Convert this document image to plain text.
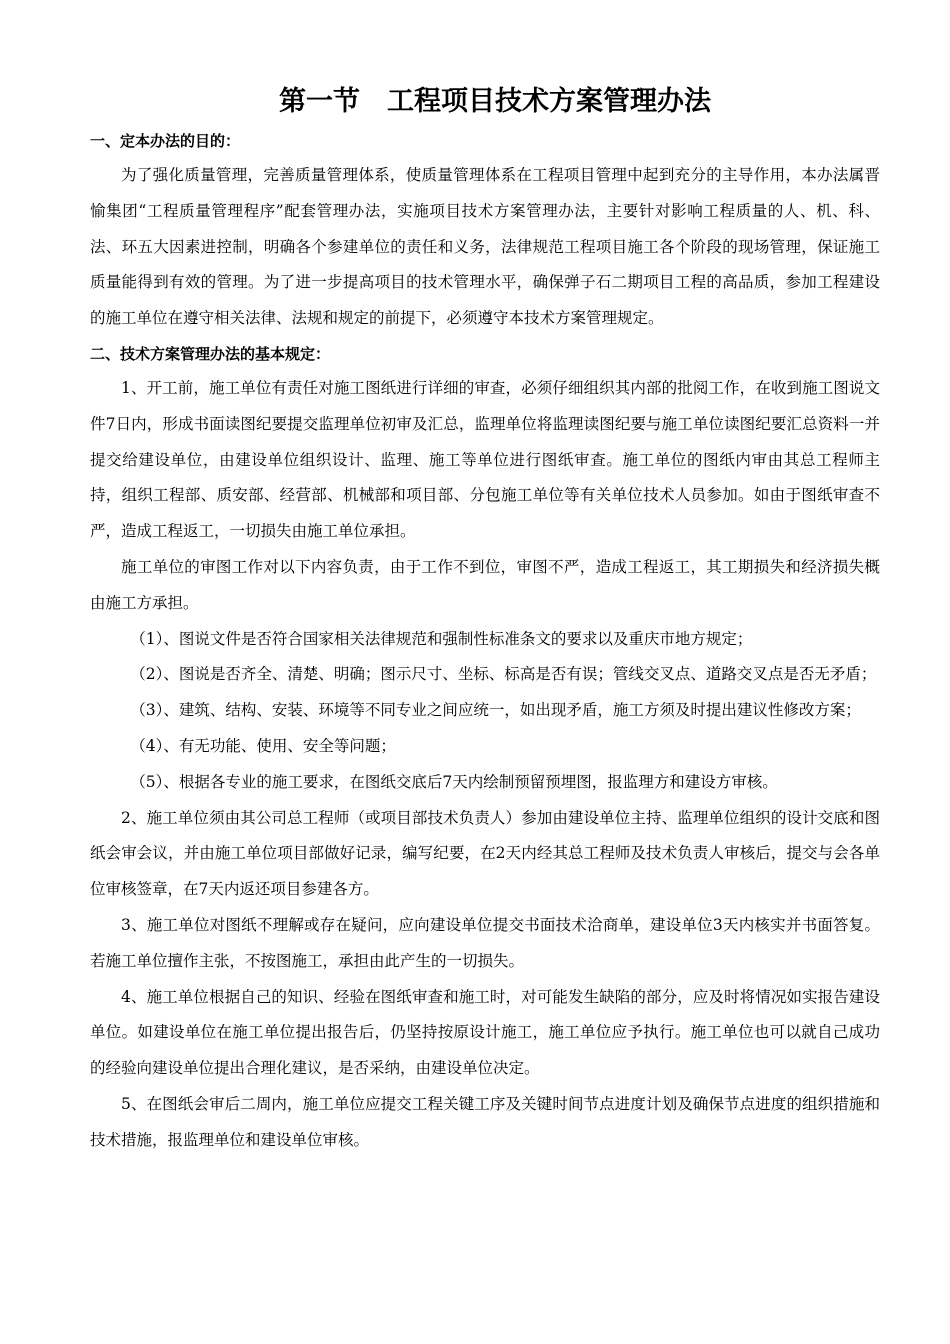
第一节　工程项目技术方案管理办法

一、定本办法的目的：

为了强化质量管理，完善质量管理体系，使质量管理体系在工程项目管理中起到充分的主导作用，本办法属晋愉集团“工程质量管理程序”配套管理办法，实施项目技术方案管理办法，主要针对影响工程质量的人、机、科、法、环五大因素进控制，明确各个参建单位的责任和义务，法律规范工程项目施工各个阶段的现场管理，保证施工质量能得到有效的管理。为了进一步提高项目的技术管理水平，确保弹子石二期项目工程的高品质，参加工程建设的施工单位在遵守相关法律、法规和规定的前提下，必须遵守本技术方案管理规定。

二、技术方案管理办法的基本规定：

1、开工前，施工单位有责任对施工图纸进行详细的审查，必须仔细组织其内部的批阅工作，在收到施工图说文件7日内，形成书面读图纪要提交监理单位初审及汇总，监理单位将监理读图纪要与施工单位读图纪要汇总资料一并提交给建设单位，由建设单位组织设计、监理、施工等单位进行图纸审查。施工单位的图纸内审由其总工程师主持，组织工程部、质安部、经营部、机械部和项目部、分包施工单位等有关单位技术人员参加。如由于图纸审查不严，造成工程返工，一切损失由施工单位承担。

施工单位的审图工作对以下内容负责，由于工作不到位，审图不严，造成工程返工，其工期损失和经济损失概由施工方承担。

（1）、图说文件是否符合国家相关法律规范和强制性标准条文的要求以及重庆市地方规定；

（2）、图说是否齐全、清楚、明确；图示尺寸、坐标、标高是否有误；管线交叉点、道路交叉点是否无矛盾；

（3）、建筑、结构、安装、环境等不同专业之间应统一，如出现矛盾，施工方须及时提出建议性修改方案；

（4）、有无功能、使用、安全等问题；

（5）、根据各专业的施工要求，在图纸交底后7天内绘制预留预埋图，报监理方和建设方审核。

2、施工单位须由其公司总工程师（或项目部技术负责人）参加由建设单位主持、监理单位组织的设计交底和图纸会审会议，并由施工单位项目部做好记录，编写纪要，在2天内经其总工程师及技术负责人审核后，提交与会各单位审核签章，在7天内返还项目参建各方。

3、施工单位对图纸不理解或存在疑问，应向建设单位提交书面技术洽商单，建设单位3天内核实并书面答复。若施工单位擅作主张，不按图施工，承担由此产生的一切损失。

4、施工单位根据自己的知识、经验在图纸审查和施工时，对可能发生缺陷的部分，应及时将情况如实报告建设单位。如建设单位在施工单位提出报告后，仍坚持按原设计施工，施工单位应予执行。施工单位也可以就自己成功的经验向建设单位提出合理化建议，是否采纳，由建设单位决定。

5、在图纸会审后二周内，施工单位应提交工程关键工序及关键时间节点进度计划及确保节点进度的组织措施和技术措施，报监理单位和建设单位审核。
